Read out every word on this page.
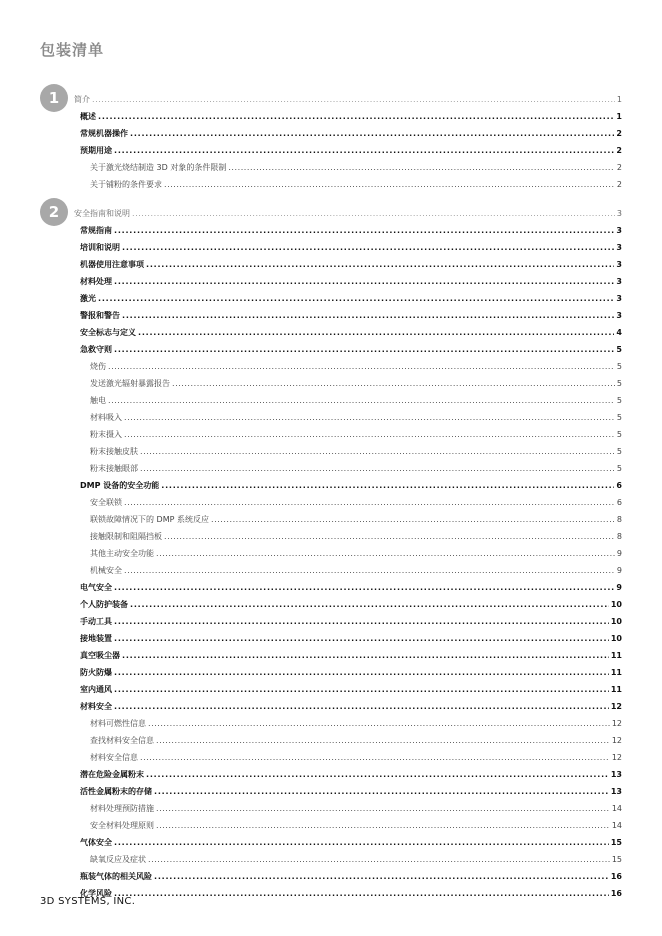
包装清单
1	简介 . . .	1
概述 . . .	1
常规机器操作 . . .	2
预期用途 . . .	2
关于激光烧结制造 3D 对象的条件限制 . . .	2
关于铺粉的条件要求 . . .	2
2	安全指南和说明 . . .	3
常规指南 . . .	3
培训和说明 . . .	3
机器使用注意事项 . . .	3
材料处理 . . .	3
激光 . . .	3
警报和警告 . . .	3
安全标志与定义 . . .	4
急救守则 . . .	5
烧伤 . . .	5
发送激光辐射暴露报告 . . .	5
触电 . . .	5
材料吸入 . . .	5
粉末摄入 . . .	5
粉末接触皮肤 . . .	5
粉末接触眼部 . . .	5
DMP 设备的安全功能 . . .	6
安全联锁 . . .	6
联锁故障情况下的 DMP 系统反应 . . .	8
接触限制和阻隔挡板 . . .	8
其他主动安全功能 . . .	9
机械安全 . . .	9
电气安全 . . .	9
个人防护装备 . . .	10
手动工具 . . .	10
接地装置 . . .	10
真空吸尘器 . . .	11
防火防爆 . . .	11
室内通风 . . .	11
材料安全 . . .	12
材料可燃性信息 . . .	12
查找材料安全信息 . . .	12
材料安全信息 . . .	12
潜在危险金属粉末 . . .	13
活性金属粉末的存储 . . .	13
材料处理预防措施 . . .	14
安全材料处理原则 . . .	14
气体安全 . . .	15
缺氧反应及症状 . . .	15
瓶装气体的相关风险 . . .	16
化学风险 . . .	16
3D SYSTEMS, INC.
